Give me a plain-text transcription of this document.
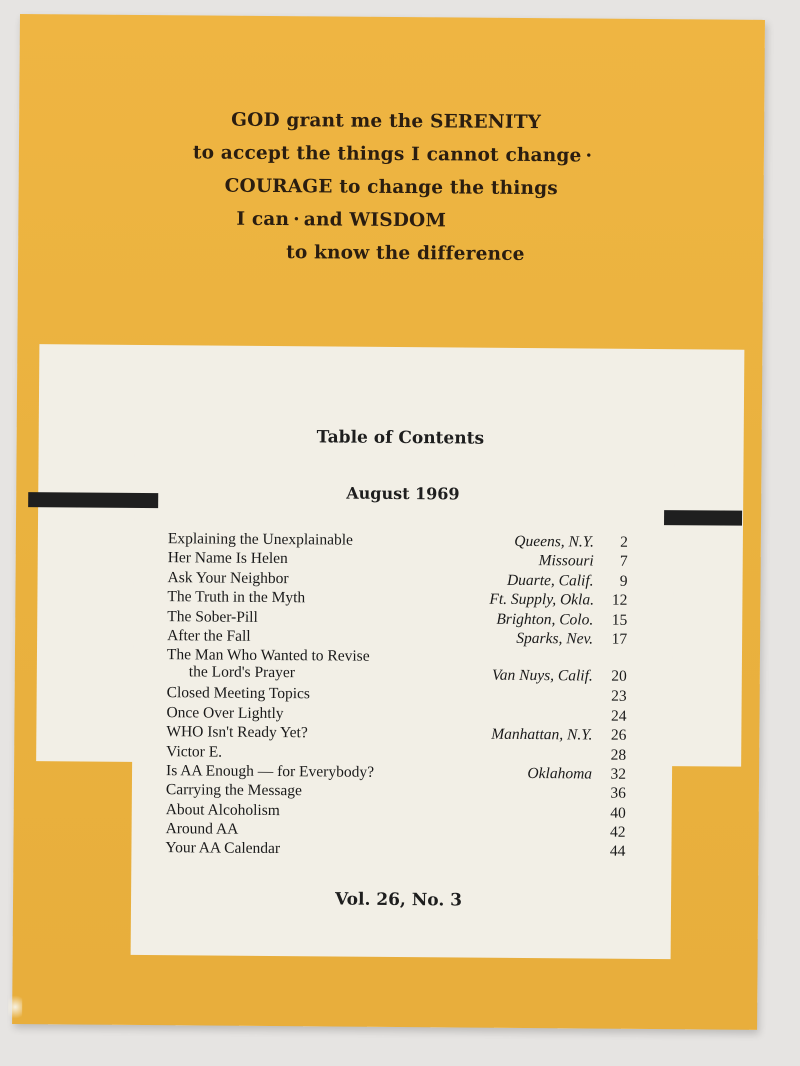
GOD grant me the SERENITY
to accept the things I cannot change ·
COURAGE to change the things
I can · and WISDOM
to know the difference
Table of Contents
August 1969
Explaining the Unexplainable	Queens, N.Y.	2
Her Name Is Helen	Missouri	7
Ask Your Neighbor	Duarte, Calif.	9
The Truth in the Myth	Ft. Supply, Okla.	12
The Sober-Pill	Brighton, Colo.	15
After the Fall	Sparks, Nev.	17
The Man Who Wanted to Revise
the Lord's Prayer	Van Nuys, Calif.	20
Closed Meeting Topics	23
Once Over Lightly	24
WHO Isn't Ready Yet?	Manhattan, N.Y.	26
Victor E.	28
Is AA Enough — for Everybody?	Oklahoma	32
Carrying the Message	36
About Alcoholism	40
Around AA	42
Your AA Calendar	44
Vol. 26, No. 3
